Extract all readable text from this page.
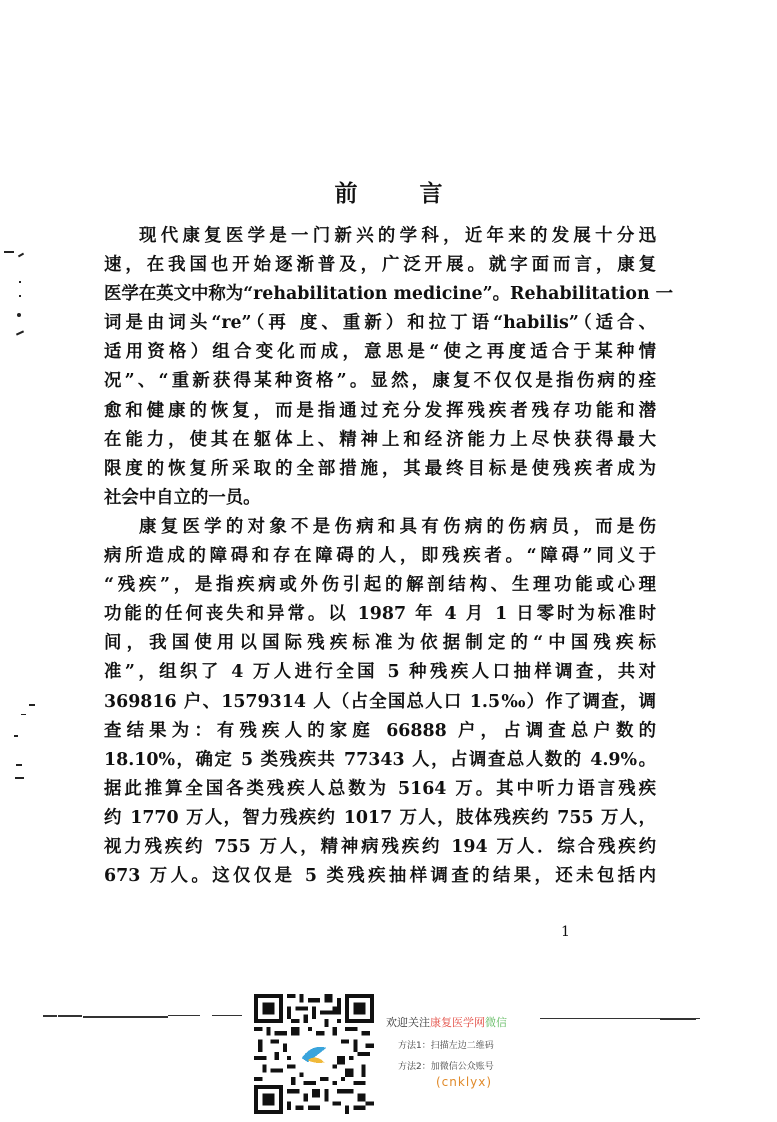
前	言
现代康复医学是一门新兴的学科，近年来的发展十分迅
速，在我国也开始逐渐普及，广泛开展。就字面而言，康复
医学在英文中称为“rehabilitation medicine”。Rehabilitation 一
词是由词头“re”（再 度、重新）和拉丁语“habilis”（适合、
适用资格）组合变化而成，意思是“使之再度适合于某种情
况”、“重新获得某种资格”。显然，康复不仅仅是指伤病的痊
愈和健康的恢复，而是指通过充分发挥残疾者残存功能和潜
在能力，使其在躯体上、精神上和经济能力上尽快获得最大
限度的恢复所采取的全部措施，其最终目标是使残疾者成为
社会中自立的一员。
康复医学的对象不是伤病和具有伤病的伤病员，而是伤
病所造成的障碍和存在障碍的人，即残疾者。“障碍”同义于
“残疾”，是指疾病或外伤引起的解剖结构、生理功能或心理
功能的任何丧失和异常。以 1987 年 4 月 1 日零时为标准时
间，我国使用以国际残疾标准为依据制定的“中国残疾标
准”，组织了 4 万人进行全国 5 种残疾人口抽样调查，共对
369816 户、1579314 人（占全国总人口 1.5‰）作了调查，调
查结果为：有残疾人的家庭 66888 户，占调查总户数的
18.10%，确定 5 类残疾共 77343 人，占调查总人数的 4.9%。
据此推算全国各类残疾人总数为 5164 万。其中听力语言残疾
约 1770 万人，智力残疾约 1017 万人，肢体残疾约 755 万人，
视力残疾约 755 万人，精神病残疾约 194 万人．综合残疾约
673 万人。这仅仅是 5 类残疾抽样调查的结果，还未包括内
1
欢迎关注康复医学网微信
方法1：扫描左边二维码
方法2：加微信公众账号
(cnklyx)
